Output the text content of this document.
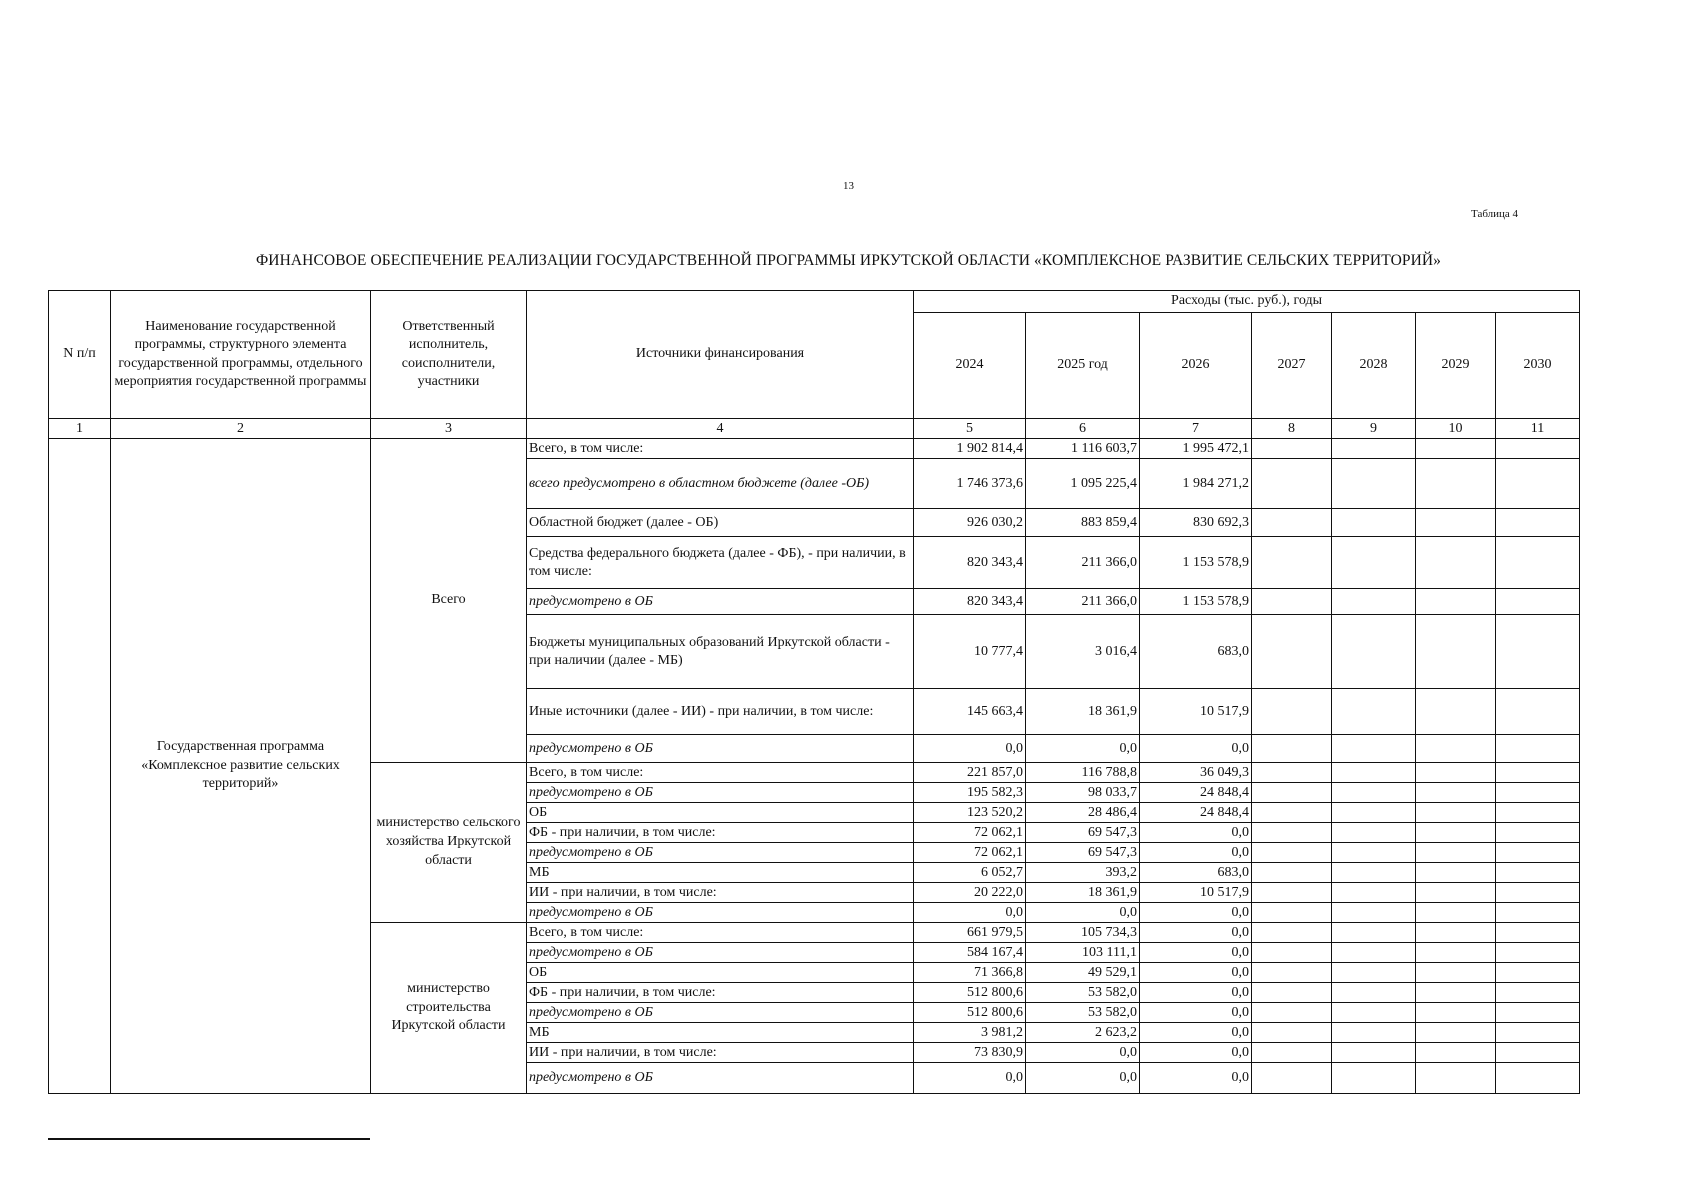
13
Таблица 4
ФИНАНСОВОЕ ОБЕСПЕЧЕНИЕ РЕАЛИЗАЦИИ ГОСУДАРСТВЕННОЙ ПРОГРАММЫ ИРКУТСКОЙ ОБЛАСТИ «КОМПЛЕКСНОЕ РАЗВИТИЕ СЕЛЬСКИХ ТЕРРИТОРИЙ»
N п/п	Наименование государственной программы, структурного элемента государственной программы, отдельного мероприятия государственной программы	Ответственный исполнитель, соисполнители, участники	Источники финансирования	Расходы (тыс. руб.), годы						
				2024	2025 год	2026	2027	2028	2029	2030
1	2	3	4	5	6	7	8	9	10	11
	Государственная программа «Комплексное развитие сельских территорий»	Всего	Всего, в том числе:	1 902 814,4	1 116 603,7	1 995 472,1				
			всего предусмотрено в областном бюджете (далее -ОБ)	1 746 373,6	1 095 225,4	1 984 271,2				
			Областной бюджет (далее - ОБ)	926 030,2	883 859,4	830 692,3				
			Средства федерального бюджета (далее - ФБ), - при наличии, в том числе:	820 343,4	211 366,0	1 153 578,9				
			предусмотрено в ОБ	820 343,4	211 366,0	1 153 578,9				
			Бюджеты муниципальных образований Иркутской области - при наличии (далее - МБ)	10 777,4	3 016,4	683,0				
			Иные источники (далее - ИИ) - при наличии, в том числе:	145 663,4	18 361,9	10 517,9				
			предусмотрено в ОБ	0,0	0,0	0,0				
		министерство сельского хозяйства Иркутской области	Всего, в том числе:	221 857,0	116 788,8	36 049,3				
			предусмотрено в ОБ	195 582,3	98 033,7	24 848,4				
			ОБ	123 520,2	28 486,4	24 848,4				
			ФБ - при наличии, в том числе:	72 062,1	69 547,3	0,0				
			предусмотрено в ОБ	72 062,1	69 547,3	0,0				
			МБ	6 052,7	393,2	683,0				
			ИИ - при наличии, в том числе:	20 222,0	18 361,9	10 517,9				
			предусмотрено в ОБ	0,0	0,0	0,0				
		министерство строительства Иркутской области	Всего, в том числе:	661 979,5	105 734,3	0,0				
			предусмотрено в ОБ	584 167,4	103 111,1	0,0				
			ОБ	71 366,8	49 529,1	0,0				
			ФБ - при наличии, в том числе:	512 800,6	53 582,0	0,0				
			предусмотрено в ОБ	512 800,6	53 582,0	0,0				
			МБ	3 981,2	2 623,2	0,0				
			ИИ - при наличии, в том числе:	73 830,9	0,0	0,0				
			предусмотрено в ОБ	0,0	0,0	0,0				
